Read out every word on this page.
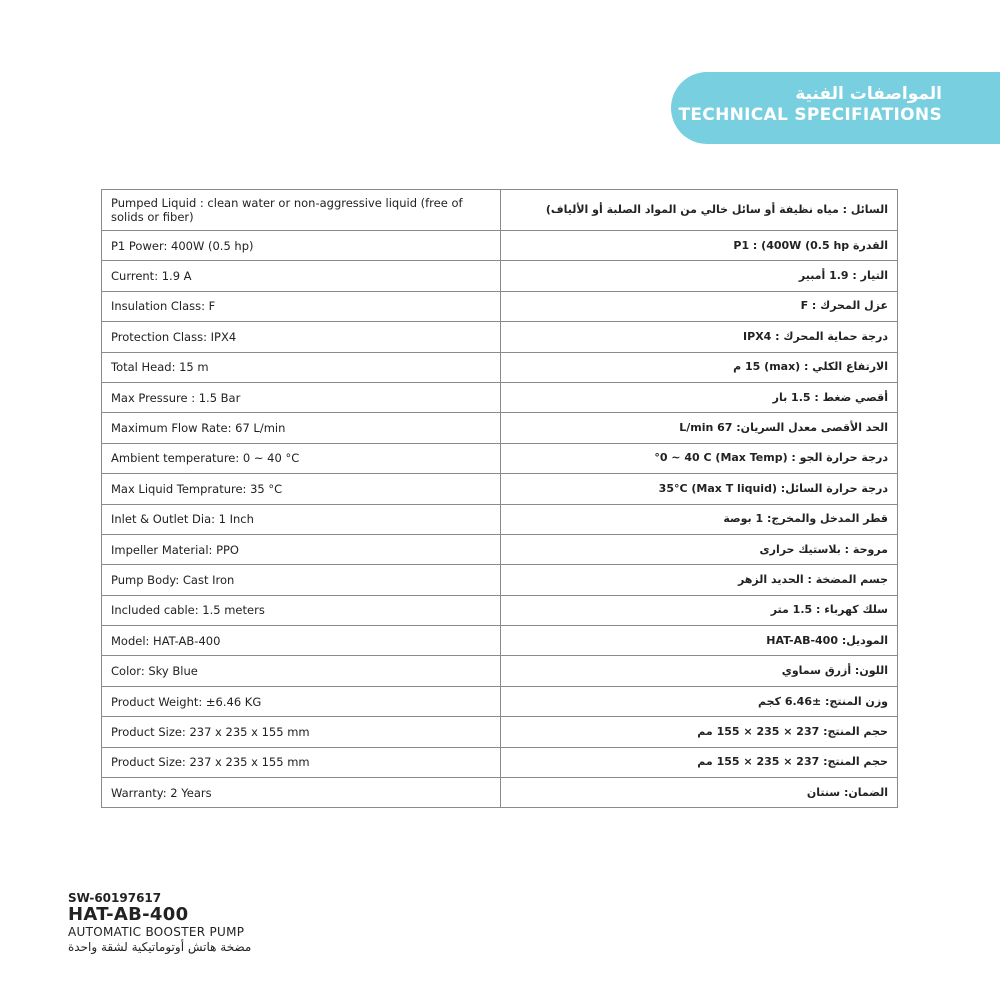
المواصفات الفنية
TECHNICAL SPECIFIATIONS
Pumped Liquid : clean water or non-aggressive liquid (free of solids or fiber)	السائل : مياه نظيفة أو سائل خالي من المواد الصلبة أو الألياف)
P1 Power: 400W (0.5 hp)	القدرة P1 : (400W (0.5 hp
Current: 1.9 A	التيار : 1.9 أمبير
Insulation Class: F	عزل المحرك : F
Protection Class: IPX4	درجة حماية المحرك : IPX4
Total Head: 15 m	الارتفاع الكلي : (max) 15 م
Max Pressure : 1.5 Bar	أقصي ضغط : 1.5 بار
Maximum Flow Rate: 67 L/min	الحد الأقصى معدل السريان: L/min 67
Ambient temperature: 0 ~ 40 °C	درجة حرارة الجو : (Max Temp) 0 ~ 40 C°
Max Liquid Temprature: 35 °C	درجة حرارة السائل: (Max T liquid) 35°C
Inlet & Outlet Dia: 1 Inch	قطر المدخل والمخرج: 1 بوصة
Impeller Material: PPO	مروحة : بلاستيك حرارى
Pump Body: Cast Iron	جسم المضخة : الحديد الزهر
Included cable: 1.5 meters	سلك كهرباء : 1.5 متر
Model: HAT-AB-400	الموديل: HAT-AB-400
Color: Sky Blue	اللون: أزرق سماوي
Product Weight: ±6.46 KG	وزن المنتج: ±6.46 كجم
Product Size: 237 x 235 x 155 mm	حجم المنتج: 237 × 235 × 155 مم
Product Size: 237 x 235 x 155 mm	حجم المنتج: 237 × 235 × 155 مم
Warranty: 2 Years	الضمان: سنتان
SW-60197617
HAT-AB-400
AUTOMATIC BOOSTER PUMP
مضخة هاتش أوتوماتيكية لشقة واحدة
